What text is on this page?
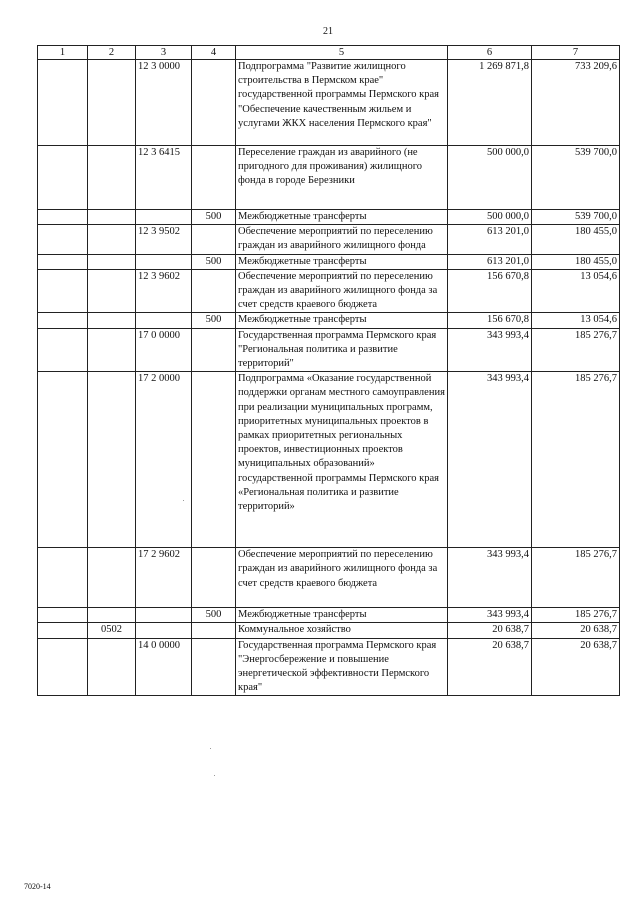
21
1	2	3	4	5	6	7
		12 3 0000		Подпрограмма "Развитие жилищного строительства в Пермском крае" государственной программы Пермского края "Обеспечение качественным жильем и услугами ЖКХ населения Пермского края"	1 269 871,8	733 209,6
		12 3 6415		Переселение граждан из аварийного (не пригодного для проживания) жилищного фонда в городе Березники	500 000,0	539 700,0
			500	Межбюджетные трансферты	500 000,0	539 700,0
		12 3 9502		Обеспечение мероприятий по переселению граждан из аварийного жилищного фонда	613 201,0	180 455,0
			500	Межбюджетные трансферты	613 201,0	180 455,0
		12 3 9602		Обеспечение мероприятий по переселению граждан из аварийного жилищного фонда за счет средств краевого бюджета	156 670,8	13 054,6
			500	Межбюджетные трансферты	156 670,8	13 054,6
		17 0 0000		Государственная программа Пермского края "Региональная политика и развитие территорий"	343 993,4	185 276,7
		17 2 0000		Подпрограмма «Оказание государственной поддержки органам местного самоуправления при реализации муниципальных программ, приоритетных муниципальных проектов в рамках приоритетных региональных проектов, инвестиционных проектов муниципальных образований» государственной программы Пермского края «Региональная политика и развитие территорий»	343 993,4	185 276,7
		17 2 9602		Обеспечение мероприятий по переселению граждан из аварийного жилищного фонда за счет средств краевого бюджета	343 993,4	185 276,7
			500	Межбюджетные трансферты	343 993,4	185 276,7
	0502			Коммунальное хозяйство	20 638,7	20 638,7
		14 0 0000		Государственная программа Пермского края "Энергосбережение и повышение энергетической эффективности Пермского края"	20 638,7	20 638,7
7020-14
